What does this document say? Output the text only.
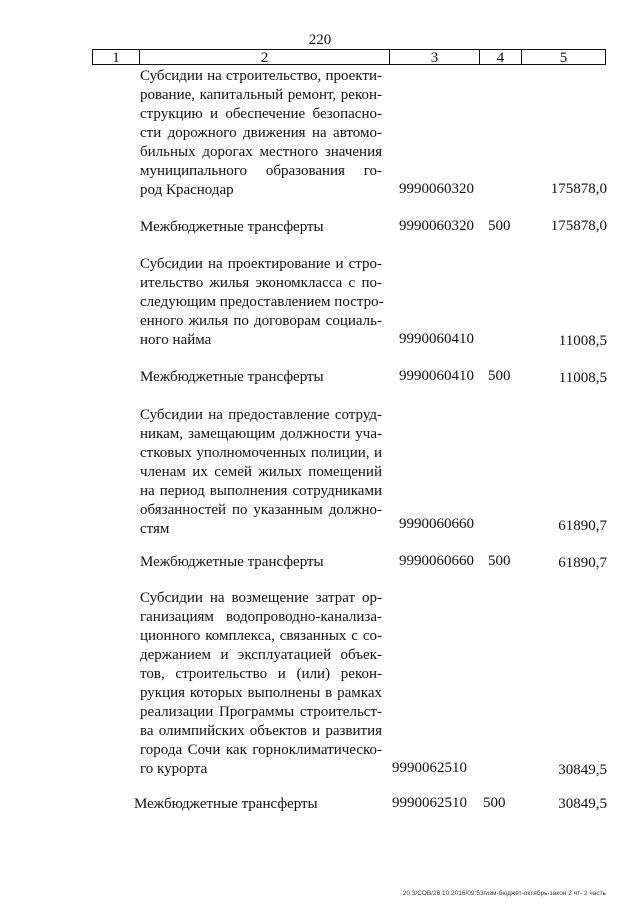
220
1	2	3	4	5
Субсидии на строительство, проекти-
рование, капитальный ремонт, рекон-
струкцию и обеспечение безопасно-
сти дорожного движения на автомо-
бильных дорогах местного значения
муниципального образования го-
род Краснодар	9990060320	175878,0
Межбюджетные трансферты	9990060320 500	175878,0
Субсидии на проектирование и стро-
ительство жилья экономкласса с по-
следующим предоставлением постро-
енного жилья по договорам социаль-
ного найма	9990060410	11008,5
Межбюджетные трансферты	9990060410 500	11008,5
Субсидии на предоставление сотруд-
никам, замещающим должности уча-
стковых уполномоченных полиции, и
членам их семей жилых помещений
на период выполнения сотрудниками
обязанностей по указанным должно-
стям	9990060660	61890,7
Межбюджетные трансферты	9990060660 500	61890,7
Субсидии на возмещение затрат ор-
ганизациям водопроводно-канализа-
ционного комплекса, связанных с со-
держанием и эксплуатацией объек-
тов, строительство и (или) рекон-
рукция которых выполнены в рамках
реализации Программы строительст-
ва олимпийских объектов и развития
города Сочи как горноклиматическо-
го курорта	9990062510	30849,5
Межбюджетные трансферты	9990062510 500	30849,5
20.3/СОВ/28.10.2016/09:53/изм-бюджет-октябрь-закон 2 чт- 2 часть
